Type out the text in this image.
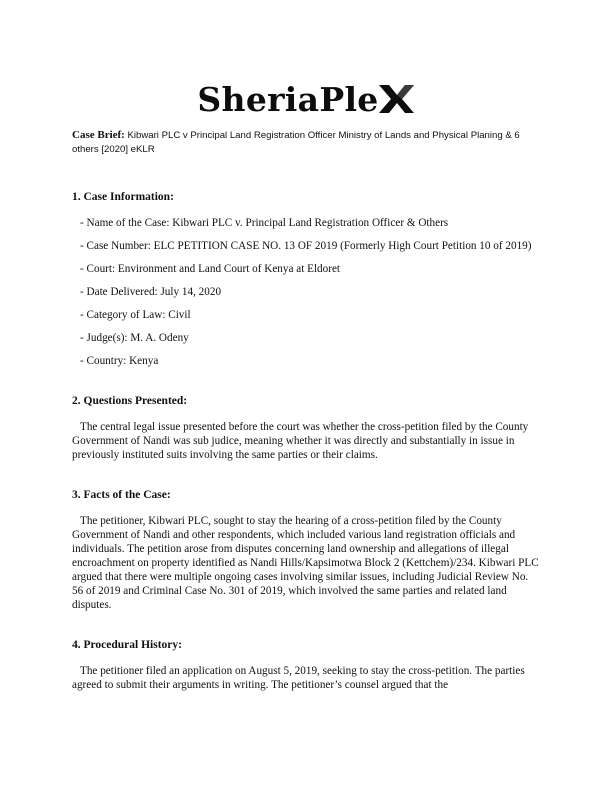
SheriaPle
Case Brief: Kibwari PLC v Principal Land Registration Officer Ministry of Lands and Physical Planing & 6 others [2020] eKLR
1. Case Information:

- Name of the Case: Kibwari PLC v. Principal Land Registration Officer & Others

- Case Number: ELC PETITION CASE NO. 13 OF 2019 (Formerly High Court Petition 10 of 2019)

- Court: Environment and Land Court of Kenya at Eldoret

- Date Delivered: July 14, 2020

- Category of Law: Civil

- Judge(s): M. A. Odeny

- Country: Kenya

2. Questions Presented:

The central legal issue presented before the court was whether the cross-petition filed by the County Government of Nandi was sub judice, meaning whether it was directly and substantially in issue in previously instituted suits involving the same parties or their claims.

3. Facts of the Case:

The petitioner, Kibwari PLC, sought to stay the hearing of a cross-petition filed by the County Government of Nandi and other respondents, which included various land registration officials and individuals. The petition arose from disputes concerning land ownership and allegations of illegal encroachment on property identified as Nandi Hills/Kapsimotwa Block 2 (Kettchem)/234. Kibwari PLC argued that there were multiple ongoing cases involving similar issues, including Judicial Review No. 56 of 2019 and Criminal Case No. 301 of 2019, which involved the same parties and related land disputes.

4. Procedural History:

The petitioner filed an application on August 5, 2019, seeking to stay the cross-petition. The parties agreed to submit their arguments in writing. The petitioner’s counsel argued that the
